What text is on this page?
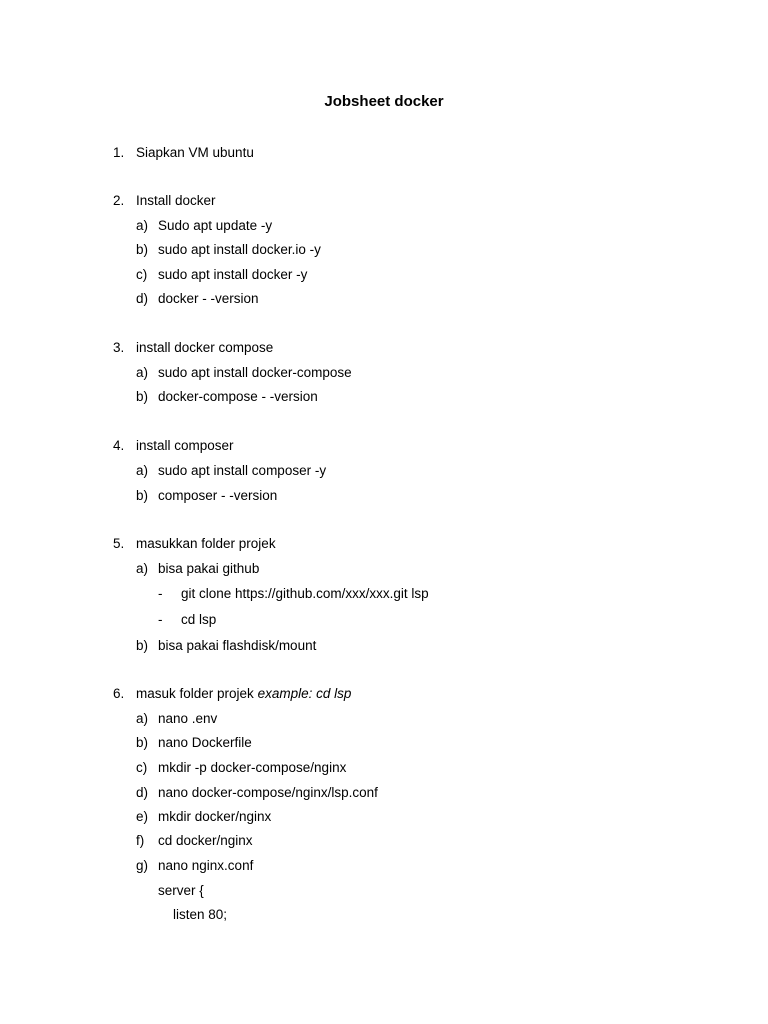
Jobsheet docker
1. Siapkan VM ubuntu
2. Install docker
a) Sudo apt update -y
b) sudo apt install docker.io -y
c) sudo apt install docker -y
d) docker - -version
3. install docker compose
a) sudo apt install docker-compose
b) docker-compose - -version
4. install composer
a) sudo apt install composer -y
b) composer - -version
5. masukkan folder projek
a) bisa pakai github
- git clone https://github.com/xxx/xxx.git lsp
- cd lsp
b) bisa pakai flashdisk/mount
6. masuk folder projek example: cd lsp
a) nano .env
b) nano Dockerfile
c) mkdir -p docker-compose/nginx
d) nano docker-compose/nginx/lsp.conf
e) mkdir docker/nginx
f) cd docker/nginx
g) nano nginx.conf
server {
listen 80;
